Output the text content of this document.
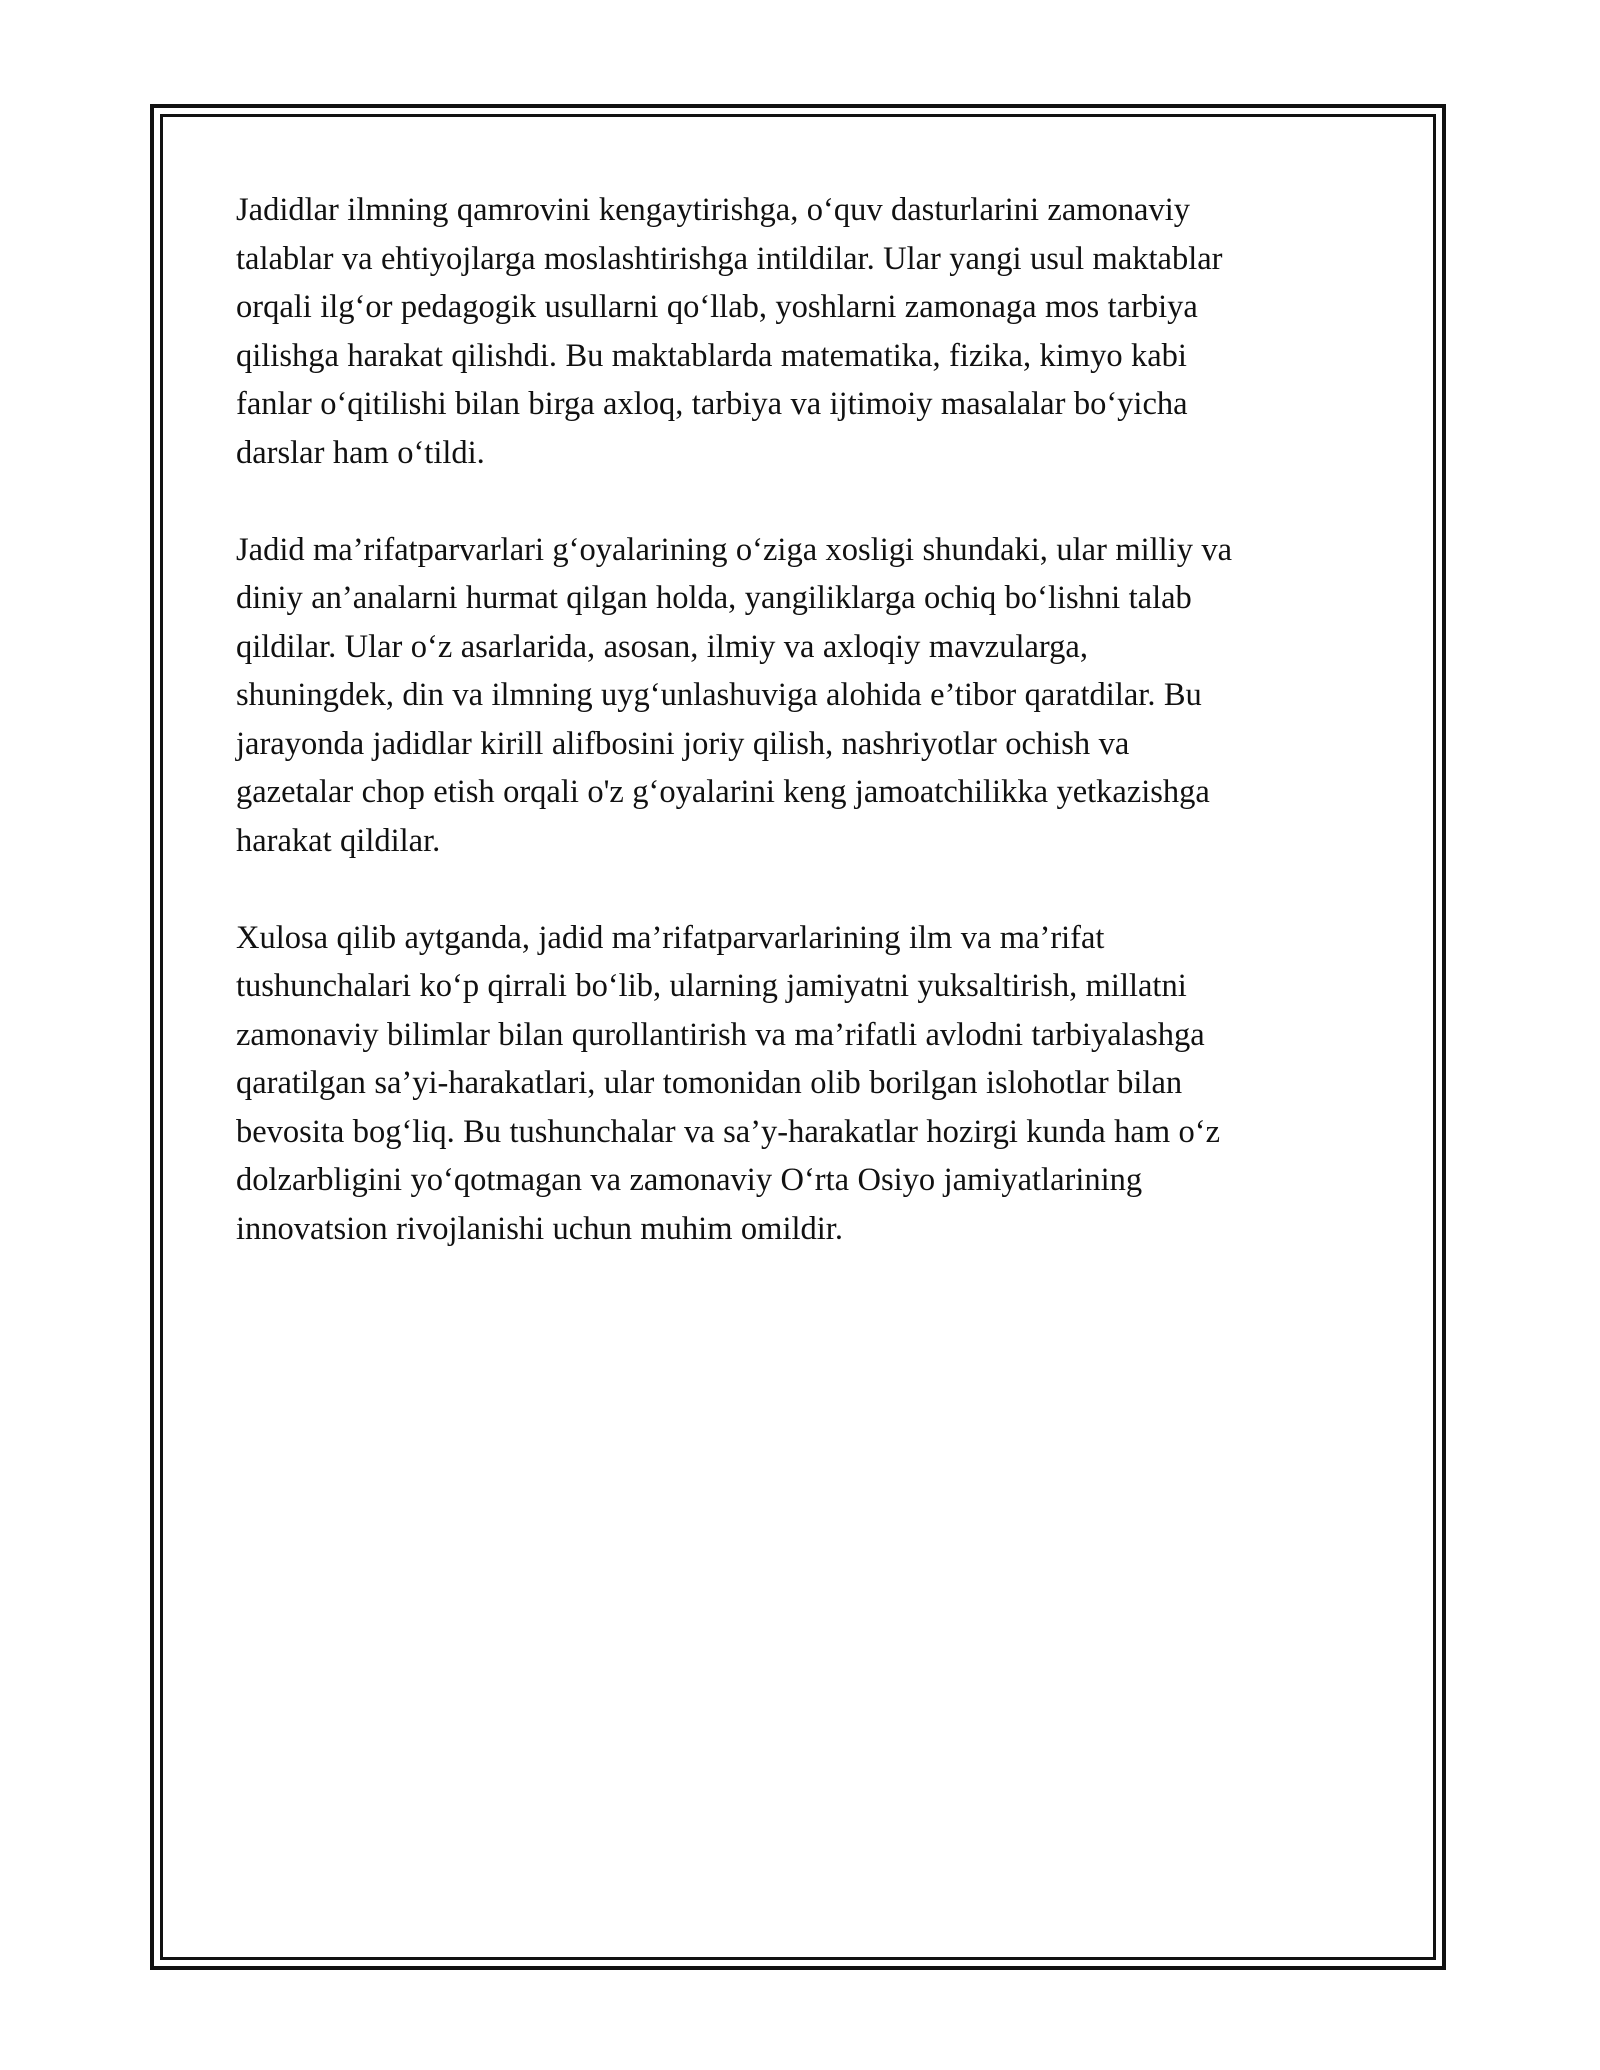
Jadidlar ilmning qamrovini kengaytirishga, o‘quv dasturlarini zamonaviy
talablar va ehtiyojlarga moslashtirishga intildilar. Ular yangi usul maktablar
orqali ilg‘or pedagogik usullarni qo‘llab, yoshlarni zamonaga mos tarbiya
qilishga harakat qilishdi. Bu maktablarda matematika, fizika, kimyo kabi
fanlar o‘qitilishi bilan birga axloq, tarbiya va ijtimoiy masalalar bo‘yicha
darslar ham o‘tildi.

Jadid ma’rifatparvarlari g‘oyalarining o‘ziga xosligi shundaki, ular milliy va
diniy an’analarni hurmat qilgan holda, yangiliklarga ochiq bo‘lishni talab
qildilar. Ular o‘z asarlarida, asosan, ilmiy va axloqiy mavzularga,
shuningdek, din va ilmning uyg‘unlashuviga alohida e’tibor qaratdilar. Bu
jarayonda jadidlar kirill alifbosini joriy qilish, nashriyotlar ochish va
gazetalar chop etish orqali o'z g‘oyalarini keng jamoatchilikka yetkazishga
harakat qildilar.

Xulosa qilib aytganda, jadid ma’rifatparvarlarining ilm va ma’rifat
tushunchalari ko‘p qirrali bo‘lib, ularning jamiyatni yuksaltirish, millatni
zamonaviy bilimlar bilan qurollantirish va ma’rifatli avlodni tarbiyalashga
qaratilgan sa’yi-harakatlari, ular tomonidan olib borilgan islohotlar bilan
bevosita bog‘liq. Bu tushunchalar va sa’y-harakatlar hozirgi kunda ham o‘z
dolzarbligini yo‘qotmagan va zamonaviy O‘rta Osiyo jamiyatlarining
innovatsion rivojlanishi uchun muhim omildir.
